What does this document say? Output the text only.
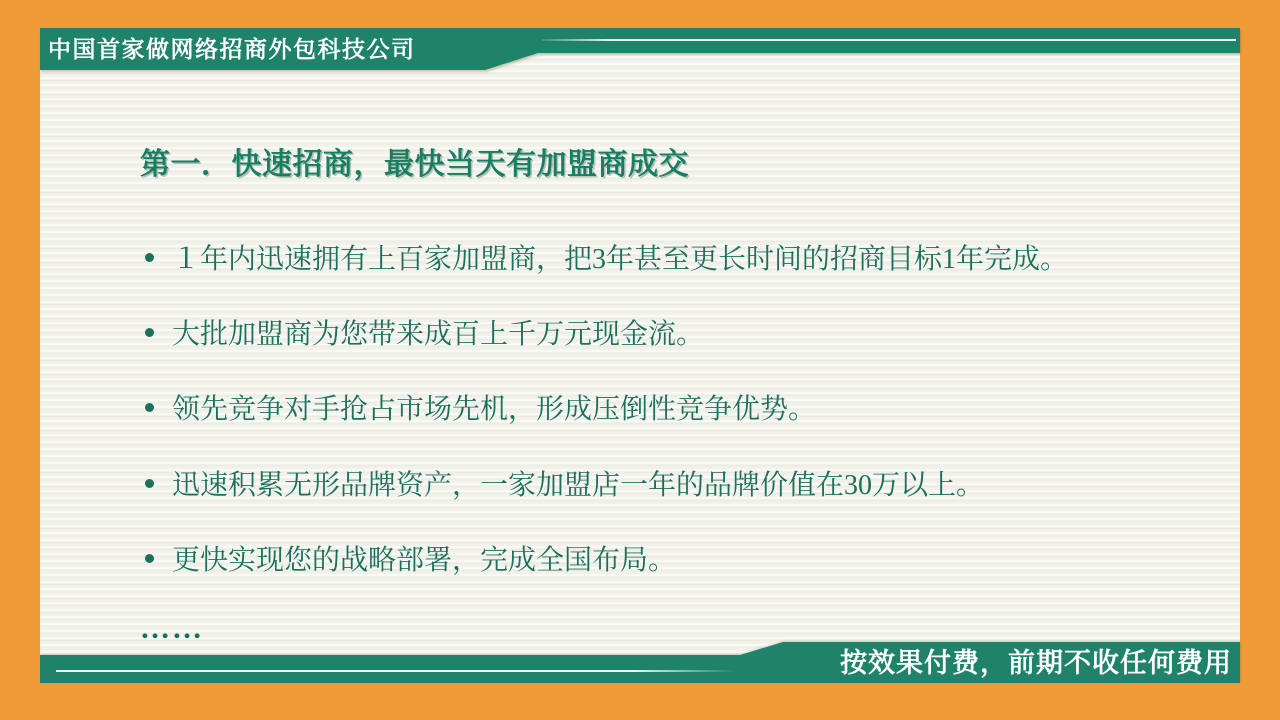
中国首家做网络招商外包科技公司
第一．快速招商，最快当天有加盟商成交
１年内迅速拥有上百家加盟商，把3年甚至更长时间的招商目标1年完成。
大批加盟商为您带来成百上千万元现金流。
领先竞争对手抢占市场先机，形成压倒性竞争优势。
迅速积累无形品牌资产，一家加盟店一年的品牌价值在30万以上。
更快实现您的战略部署，完成全国布局。
……
按效果付费，前期不收任何费用
